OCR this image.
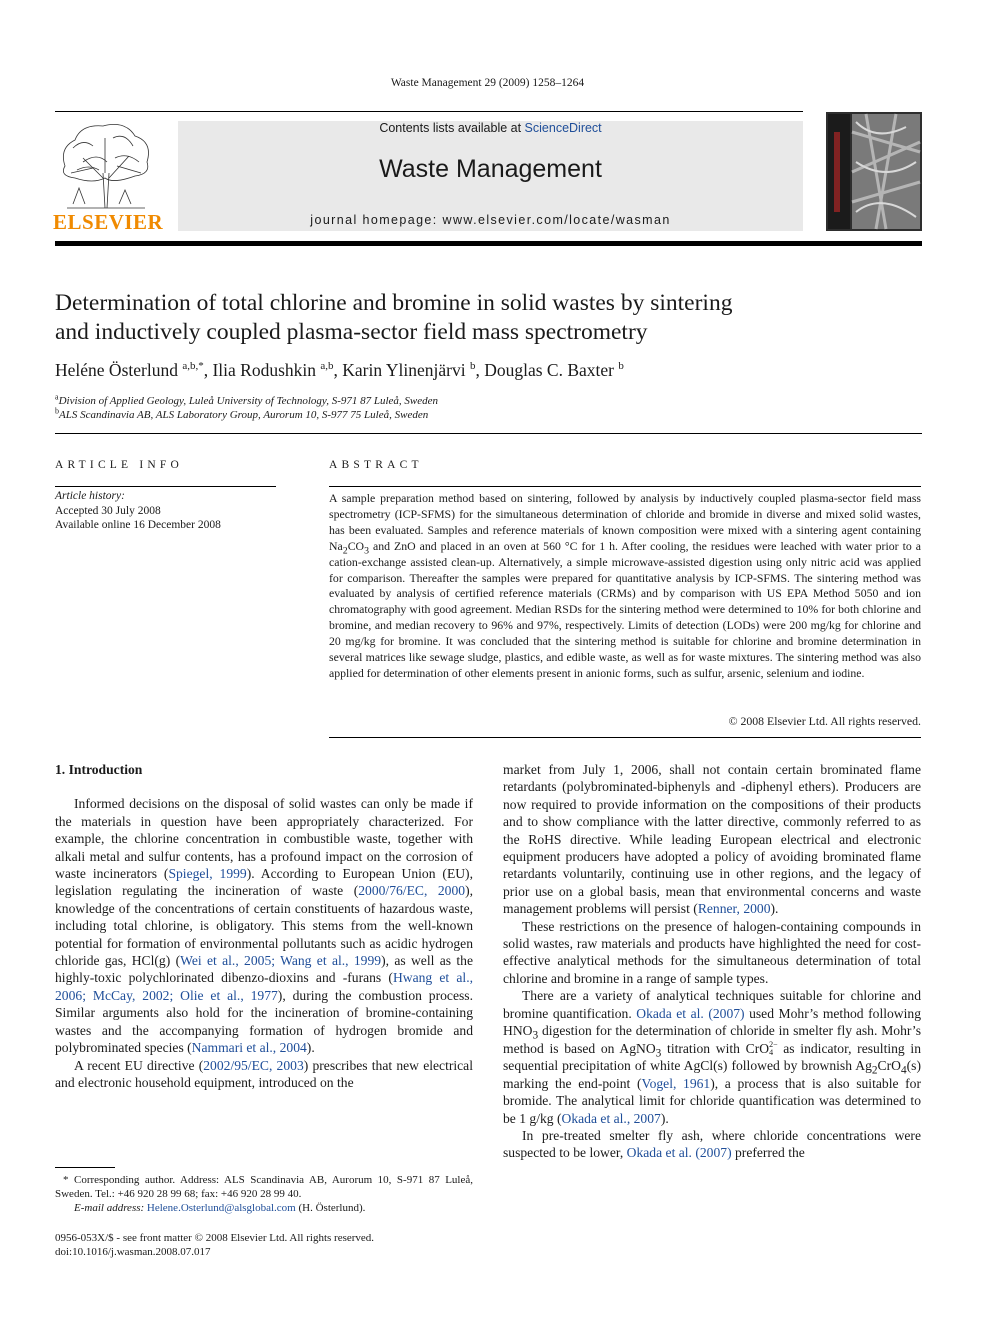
Waste Management 29 (2009) 1258–1264
ELSEVIER
Contents lists available at ScienceDirect
Waste Management
journal homepage: www.elsevier.com/locate/wasman
Determination of total chlorine and bromine in solid wastes by sintering
and inductively coupled plasma-sector field mass spectrometry
Heléne Österlund $^{a,b,*}$, Ilia Rodushkin $^{a,b}$, Karin Ylinenjärvi $^b$, Douglas C. Baxter $^b$
$^a$Division of Applied Geology, Luleå University of Technology, S-971 87 Luleå, Sweden
$^b$ALS Scandinavia AB, ALS Laboratory Group, Aurorum 10, S-977 75 Luleå, Sweden
ARTICLE INFO
Article history:
Accepted 30 July 2008
Available online 16 December 2008
ABSTRACT
A sample preparation method based on sintering, followed by analysis by inductively coupled plasma-sector field mass spectrometry (ICP-SFMS) for the simultaneous determination of chloride and bromide in diverse and mixed solid wastes, has been evaluated. Samples and reference materials of known composition were mixed with a sintering agent containing $Na_2CO_3$ and ZnO and placed in an oven at 560 °C for 1 h. After cooling, the residues were leached with water prior to a cation-exchange assisted clean-up. Alternatively, a simple microwave-assisted digestion using only nitric acid was applied for comparison. Thereafter the samples were prepared for quantitative analysis by ICP-SFMS. The sintering method was evaluated by analysis of certified reference materials (CRMs) and by comparison with US EPA Method 5050 and ion chromatography with good agreement. Median RSDs for the sintering method were determined to 10% for both chlorine and bromine, and median recovery to 96% and 97%, respectively. Limits of detection (LODs) were 200 mg/kg for chlorine and 20 mg/kg for bromine. It was concluded that the sintering method is suitable for chlorine and bromine determination in several matrices like sewage sludge, plastics, and edible waste, as well as for waste mixtures. The sintering method was also applied for determination of other elements present in anionic forms, such as sulfur, arsenic, selenium and iodine.
© 2008 Elsevier Ltd. All rights reserved.
1. Introduction

Informed decisions on the disposal of solid wastes can only be made if the materials in question have been appropriately characterized. For example, the chlorine concentration in combustible waste, together with alkali metal and sulfur contents, has a profound impact on the corrosion of waste incinerators (Spiegel, 1999). According to European Union (EU), legislation regulating the incineration of waste (2000/76/EC, 2000), knowledge of the concentrations of certain constituents of hazardous waste, including total chlorine, is obligatory. This stems from the well-known potential for formation of environmental pollutants such as acidic hydrogen chloride gas, HCl(g) (Wei et al., 2005; Wang et al., 1999), as well as the highly-toxic polychlorinated dibenzo-dioxins and -furans (Hwang et al., 2006; McCay, 2002; Olie et al., 1977), during the combustion process. Similar arguments also hold for the incineration of bromine-containing wastes and the accompanying formation of hydrogen bromide and polybrominated species (Nammari et al., 2004).

A recent EU directive (2002/95/EC, 2003) prescribes that new electrical and electronic household equipment, introduced on the

market from July 1, 2006, shall not contain certain brominated flame retardants (polybrominated-biphenyls and -diphenyl ethers). Producers are now required to provide information on the compositions of their products and to show compliance with the latter directive, commonly referred to as the RoHS directive. While leading European electrical and electronic equipment producers have adopted a policy of avoiding brominated flame retardants voluntarily, continuing use in other regions, and the legacy of prior use on a global basis, mean that environmental concerns and waste management problems will persist (Renner, 2000).

These restrictions on the presence of halogen-containing compounds in solid wastes, raw materials and products have highlighted the need for cost-effective analytical methods for the simultaneous determination of total chlorine and bromine in a range of sample types.

There are a variety of analytical techniques suitable for chlorine and bromine quantification. Okada et al. (2007) used Mohr’s method following $HNO_3$ digestion for the determination of chloride in smelter fly ash. Mohr’s method is based on AgNO$_3$ titration with CrO 2−
4 as indicator, resulting in sequential precipitation of white AgCl(s) followed by brownish $Ag_2CrO_4(s)$ marking the end-point (Vogel, 1961), a process that is also suitable for bromide. The analytical limit for chloride quantification was determined to be 1 g/kg (Okada et al., 2007).

In pre-treated smelter fly ash, where chloride concentrations were suspected to be lower, Okada et al. (2007) preferred the

* Corresponding author. Address: ALS Scandinavia AB, Aurorum 10, S-971 87 Luleå, Sweden. Tel.: +46 920 28 99 68; fax: +46 920 28 99 40.
E-mail address: Helene.Osterlund@alsglobal.com (H. Österlund).
0956-053X/$ - see front matter © 2008 Elsevier Ltd. All rights reserved.
doi:10.1016/j.wasman.2008.07.017
